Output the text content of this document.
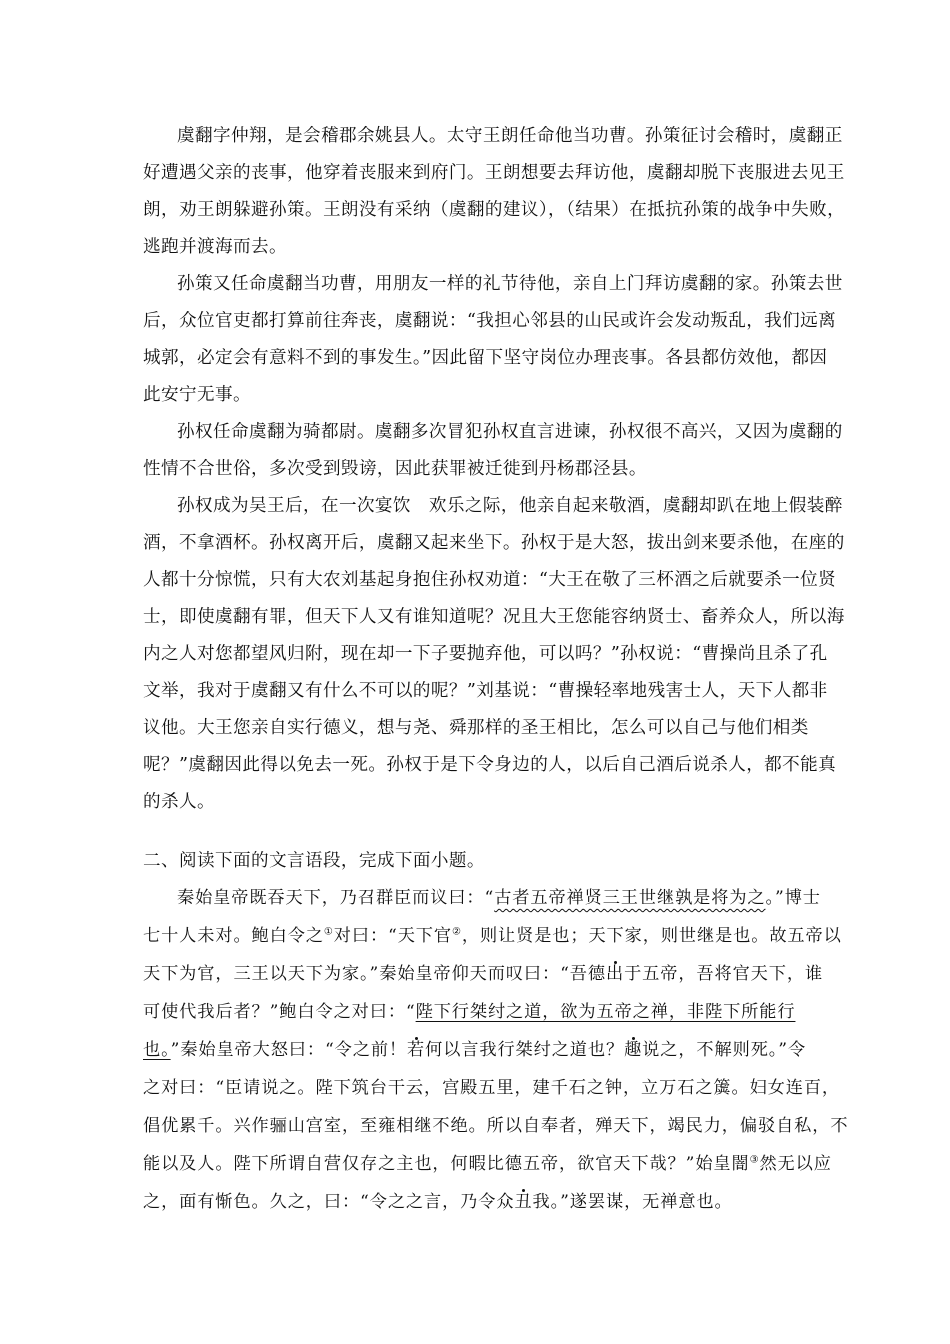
虞翻字仲翔，是会稽郡余姚县人。太守王朗任命他当功曹。孙策征讨会稽时，虞翻正
好遭遇父亲的丧事，他穿着丧服来到府门。王朗想要去拜访他，虞翻却脱下丧服进去见王
朗，劝王朗躲避孙策。王朗没有采纳（虞翻的建议），（结果）在抵抗孙策的战争中失败，
逃跑并渡海而去。
孙策又任命虞翻当功曹，用朋友一样的礼节待他，亲自上门拜访虞翻的家。孙策去世
后，众位官吏都打算前往奔丧，虞翻说：“我担心邻县的山民或许会发动叛乱，我们远离
城郭，必定会有意料不到的事发生。”因此留下坚守岗位办理丧事。各县都仿效他，都因
此安宁无事。
孙权任命虞翻为骑都尉。虞翻多次冒犯孙权直言进谏，孙权很不高兴，又因为虞翻的
性情不合世俗，多次受到毁谤，因此获罪被迁徙到丹杨郡泾县。
孙权成为吴王后，在一次宴饮　欢乐之际，他亲自起来敬酒，虞翻却趴在地上假装醉
酒，不拿酒杯。孙权离开后，虞翻又起来坐下。孙权于是大怒，拔出剑来要杀他，在座的
人都十分惊慌，只有大农刘基起身抱住孙权劝道：“大王在敬了三杯酒之后就要杀一位贤
士，即使虞翻有罪，但天下人又有谁知道呢？况且大王您能容纳贤士、畜养众人，所以海
内之人对您都望风归附，现在却一下子要抛弃他，可以吗？”孙权说：“曹操尚且杀了孔
文举，我对于虞翻又有什么不可以的呢？”刘基说：“曹操轻率地残害士人，天下人都非
议他。大王您亲自实行德义，想与尧、舜那样的圣王相比，怎么可以自己与他们相类
呢？”虞翻因此得以免去一死。孙权于是下令身边的人，以后自己酒后说杀人，都不能真
的杀人。
二、阅读下面的文言语段，完成下面小题。
秦始皇帝既吞天下，乃召群臣而议曰：“古者五帝禅贤三王世继孰是将为之。”博士
七十人未对。鲍白令之①对曰：“天下官②，则让贤是也；天下家，则世继是也。故五帝以
天下为官，三王以天下为家。”秦始皇帝仰天而叹曰：“吾德出于五帝，吾将官天下，谁
可使代我后者？”鲍白令之对曰：“陛下行桀纣之道，欲为五帝之禅，非陛下所能行
也。”秦始皇帝大怒曰：“令之前！若何以言我行桀纣之道也？趣说之，不解则死。”令
之对曰：“臣请说之。陛下筑台干云，宫殿五里，建千石之钟，立万石之簴。妇女连百，
倡优累千。兴作骊山宫室，至雍相继不绝。所以自奉者，殚天下，竭民力，偏驳自私，不
能以及人。陛下所谓自营仅存之主也，何暇比德五帝，欲官天下哉？”始皇闇③然无以应
之，面有惭色。久之，曰：“令之之言，乃令众丑我。”遂罢谋，无禅意也。
